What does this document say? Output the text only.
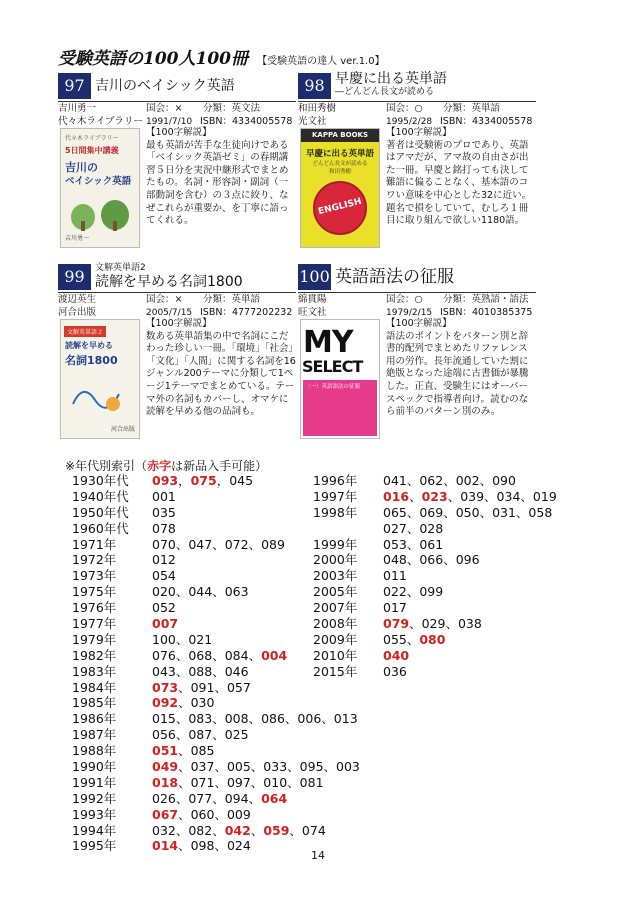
受験英語の100人100冊 【受験英語の達人 ver.1.0】
97 吉川のベイシック英語
吉川勇一	国会：× 分類：英文法
代々木ライブラリー 1991/7/10 ISBN：4334005578
代々木ライブラリー
5日間集中講義
吉川の
ベイシック英語
吉川勇一
【100字解説】
最も英語が苦手な生徒向けである「ベイシック英語ゼミ」の春期講習５日分を実況中継形式でまとめたもの。名詞・形容詞・副詞（一部動詞を含む）の３点に絞り、なぜこれらが重要か、を丁寧に語ってくれる。
98 早慶に出る英単語
―どんどん長文が読める
和田秀樹	国会：○ 分類：英単語
光文社	1995/2/28 ISBN：4334005578
KAPPA BOOKS
早慶に出る英単語
どんどん長文が読める
和田秀樹
ENGLISH
【100字解説】
著者は受験術のプロであり、英語はアマだが、アマ故の自由さが出た一冊。早慶と銘打っても決して難語に偏ることなく、基本語のコワい意味を中心とした32に近い。題名で損をしていて、むしろ１冊目に取り組んで欲しい1180語。
99	文解英単語2
読解を早める名詞1800
渡辺英生	国会：× 分類：英単語
河合出版	2005/7/15 ISBN：4777202232
文解英単語２
読解を早める
名詞1800
河合出版
【100字解説】
数ある英単語集の中で名詞にこだわった珍しい一冊。「環境」「社会」「文化」「人間」に関する名詞を16ジャンル200テーマに分類して1ページ1テーマでまとめている。テーマ外の名詞もカバーし、オマケに読解を早める他の品詞も。
100 英語語法の征服
綿貫陽	国会：○ 分類：英熟語・語法
旺文社	1979/2/15 ISBN：4010385375
MY
SELECT
〔一〕英語語法の征服
【100字解説】
語法のポイントをパターン別と辞書的配列でまとめたリファレンス用の労作。長年流通していた割に絶版となった途端に古書価が暴騰した。正直、受験生にはオーバースペックで指導者向け。読むのなら前半のパターン別のみ。
※年代別索引（赤字は新品入手可能）
1930年代 093，075，045
1940年代 001
1950年代 035
1960年代 078
1971年	070、047、072、089
1972年	012
1973年	054
1975年	020、044、063
1976年	052
1977年	007
1979年	100、021
1982年	076、068、084、004
1983年	043、088、046
1984年	073、091、057
1985年	092、030
1986年	015、083、008、086、006、013
1987年	056、087、025
1988年	051、085
1990年	049、037、005、033、095、003
1991年	018、071、097、010、081
1992年	026、077、094、064
1993年	067、060、009
1994年	032、082、042、059、074
1995年	014、098、024
1996年 041、062、002、090
1997年 016、023、039、034、019
1998年 065、069、050、031、058
027、028
1999年 053、061
2000年 048、066、096
2003年 011
2005年 022、099
2007年 017
2008年 079、029、038
2009年 055、080
2010年 040
2015年 036
14
